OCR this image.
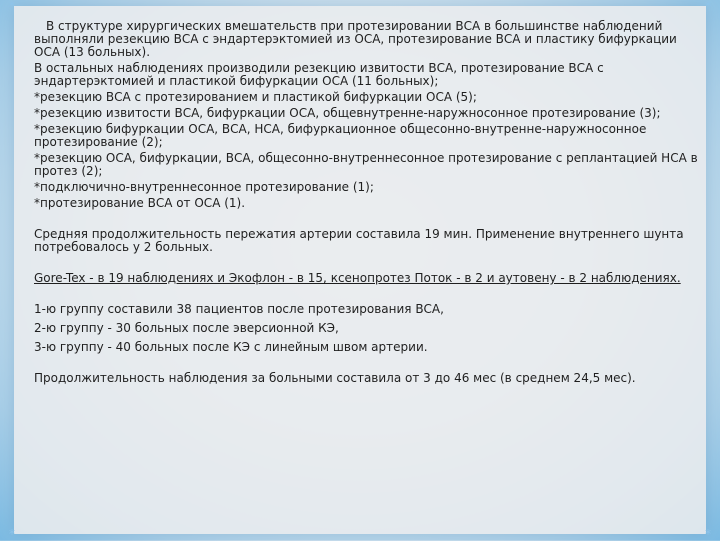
*	*
*	*

В структуре хирургических вмешательств при протезировании ВСА в большинстве наблюдений выполняли резекцию ВСА с эндартерэктомией из ОСА, протезирование ВСА и пластику бифуркации ОСА (13 больных).

В остальных наблюдениях производили резекцию извитости ВСА, протезирование ВСА с эндартерэктомией и пластикой бифуркации ОСА (11 больных);

*резекцию ВСА с протезированием и пластикой бифуркации ОСА (5);

*резекцию извитости ВСА, бифуркации ОСА, общевнутренне-наружносонное протезирование (3);

*резекцию бифуркации ОСА, ВСА, НСА, бифуркационное общесонно-внутренне-наружносонное протезирование (2);

*резекцию ОСА, бифуркации, ВСА, общесонно-внутреннесонное протезирование с реплантацией НСА в протез (2);

*подключично-внутреннесонное протезирование (1);

*протезирование ВСА от ОСА (1).

Средняя продолжительность пережатия артерии составила 19 мин. Применение внутреннего шунта потребовалось у 2 больных.

Gore-Tex - в 19 наблюдениях и Экофлон - в 15, ксенопротез Поток - в 2 и аутовену - в 2 наблюдениях.

1-ю группу составили 38 пациентов после протезирования ВСА,

2-ю группу - 30 больных после эверсионной КЭ,

3-ю группу - 40 больных после КЭ с линейным швом артерии.

Продолжительность наблюдения за больными составила от 3 до 46 мес (в среднем 24,5 мес).
